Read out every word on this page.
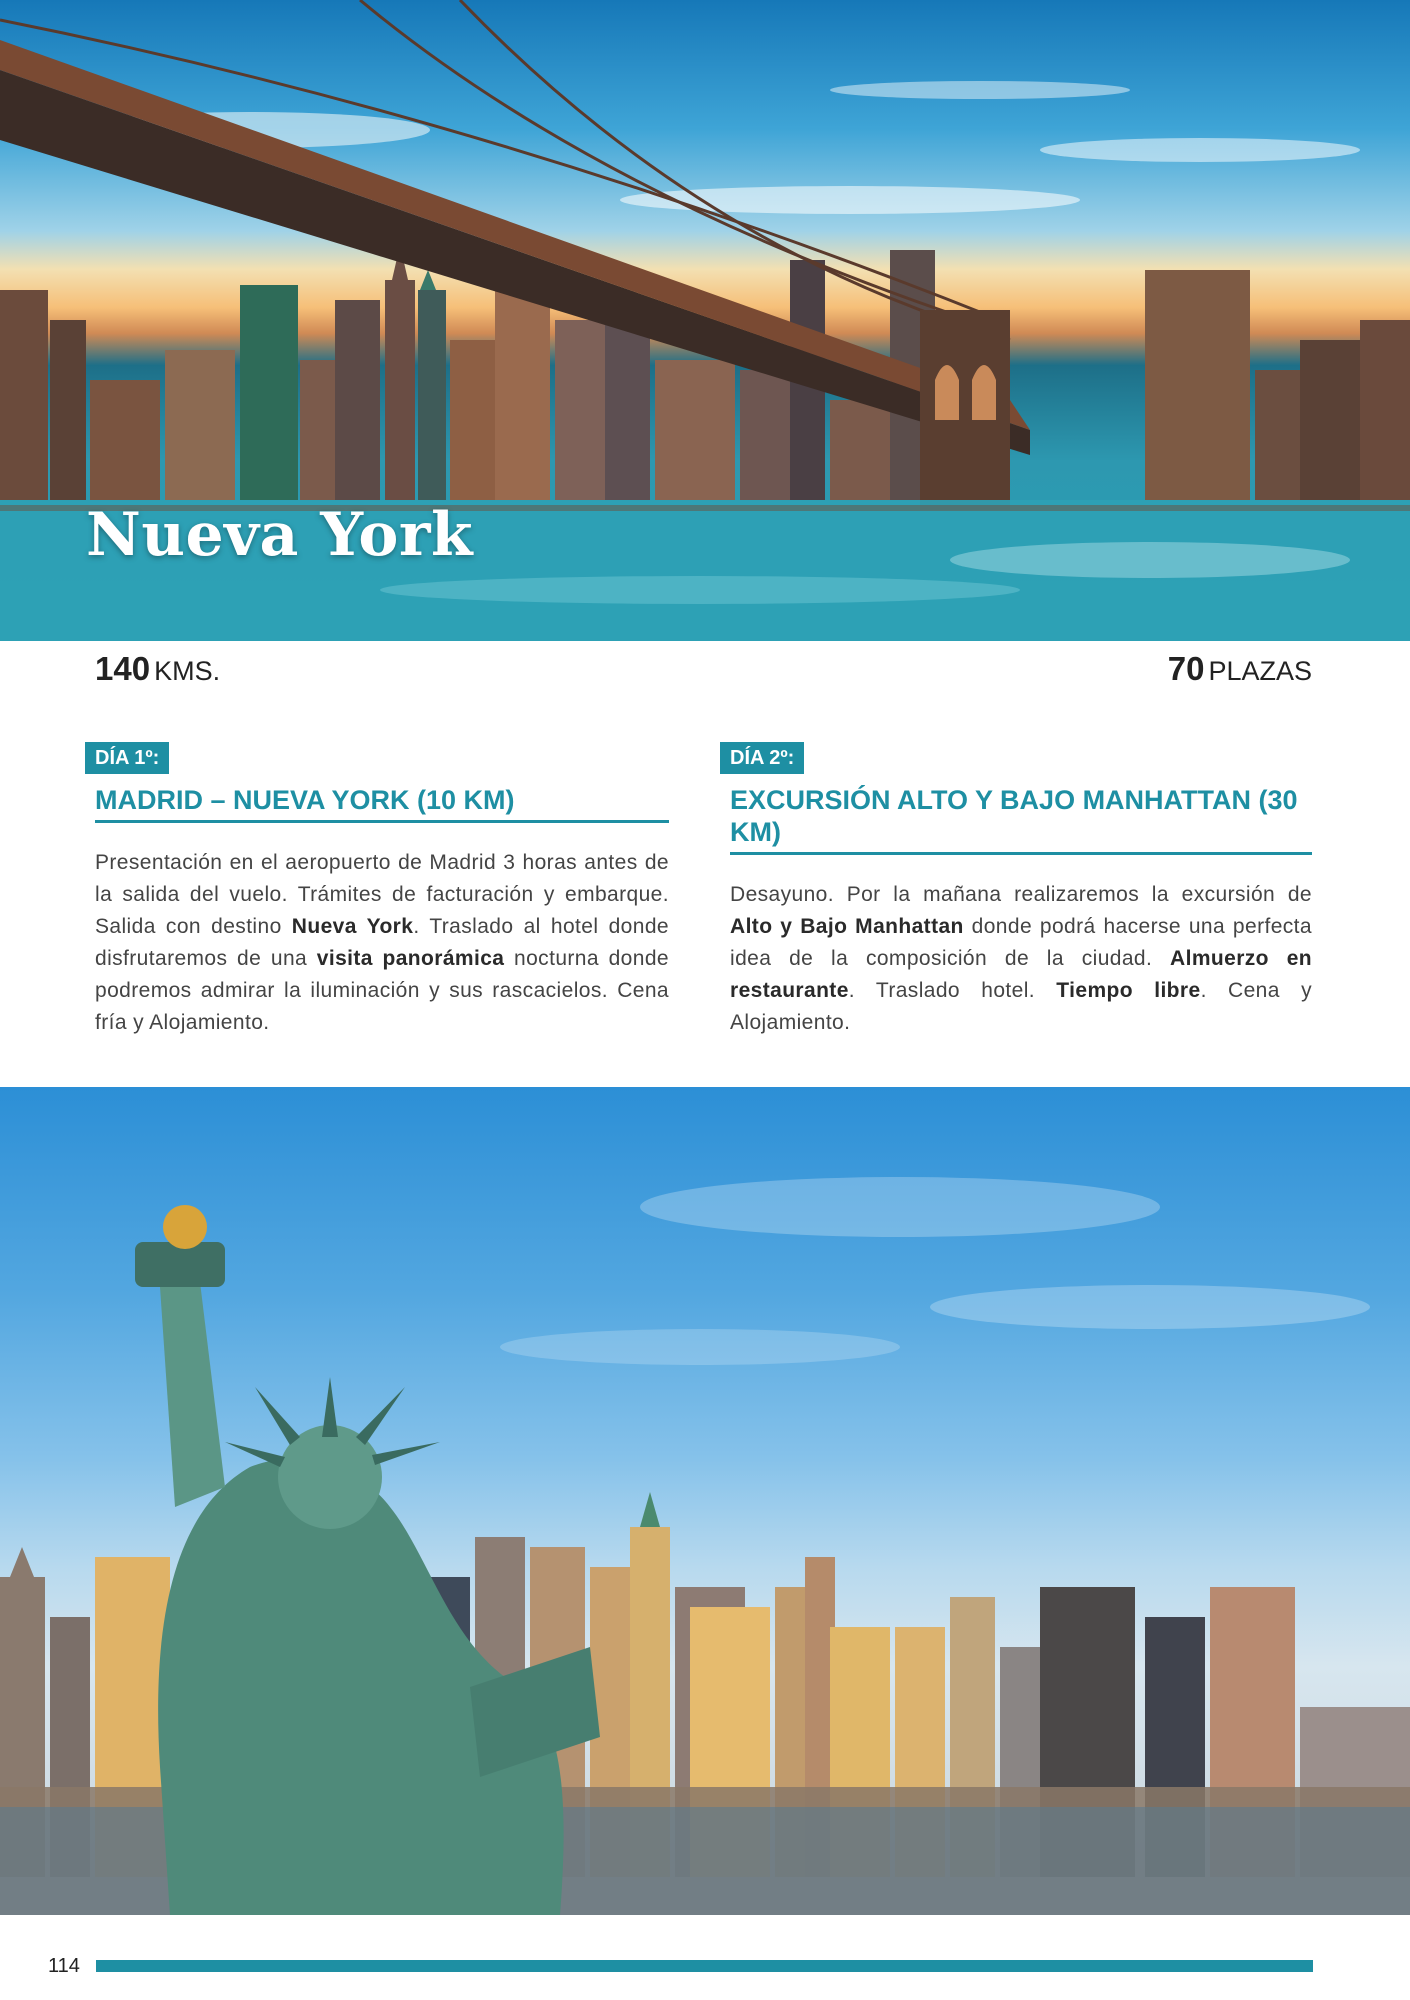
Nueva York
140 KMS.	70 PLAZAS
DÍA 1º:
MADRID – NUEVA YORK (10 KM)
Presentación en el aeropuerto de Madrid 3 horas antes de la salida del vuelo. Trámites de facturación y embarque. Salida con destino Nueva York. Traslado al hotel donde disfrutaremos de una visita panorámica nocturna donde podremos admirar la iluminación y sus rascacielos. Cena fría y Alojamiento.
DÍA 2º:
EXCURSIÓN ALTO Y BAJO MANHATTAN (30 KM)
Desayuno. Por la mañana realizaremos la excursión de Alto y Bajo Manhattan donde podrá hacerse una perfecta idea de la composición de la ciudad. Almuerzo en restaurante. Traslado hotel. Tiempo libre. Cena y Alojamiento.
114
